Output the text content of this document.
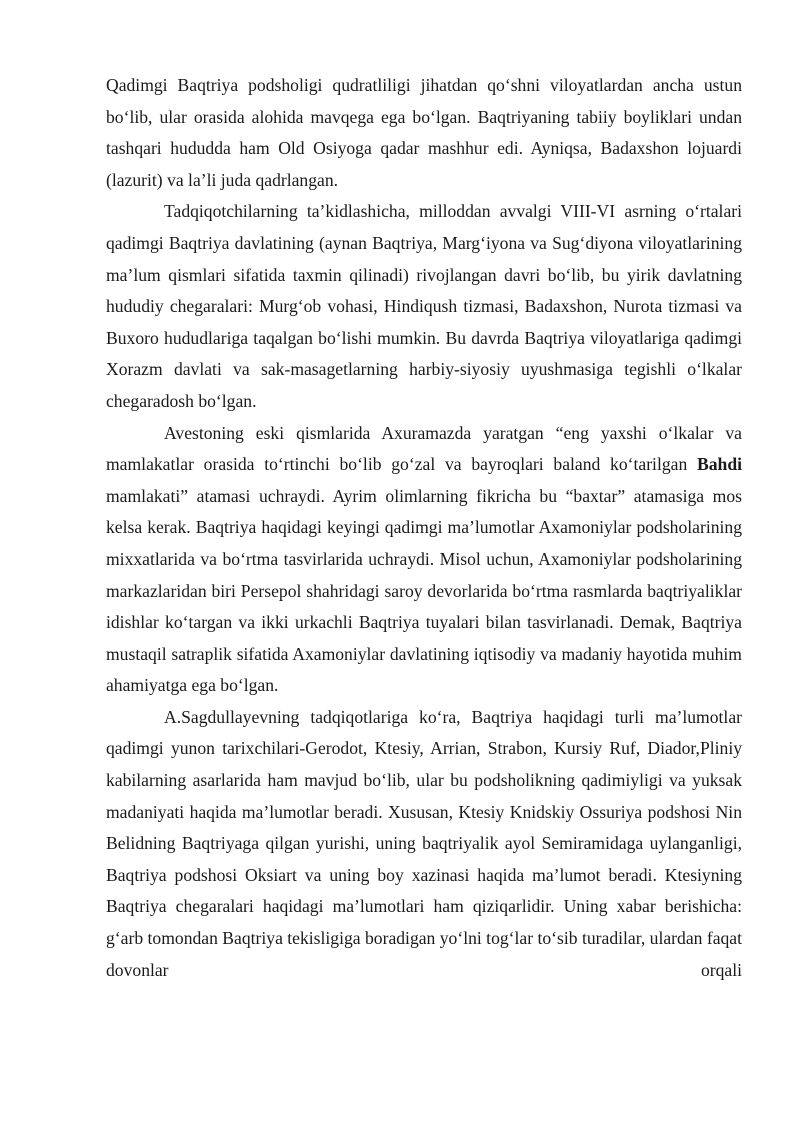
Qadimgi Baqtriya podsholigi qudratliligi jihatdan qo‘shni viloyatlardan ancha ustun bo‘lib, ular orasida alohida mavqega ega bo‘lgan. Baqtriyaning tabiiy boyliklari undan tashqari hududda ham Old Osiyoga qadar mashhur edi. Ayniqsa, Badaxshon lojuardi (lazurit) va la’li juda qadrlangan.

Tadqiqotchilarning ta’kidlashicha, milloddan avvalgi VIII-VI asrning o‘rtalari qadimgi Baqtriya davlatining (aynan Baqtriya, Marg‘iyona va Sug‘diyona viloyatlarining ma’lum qismlari sifatida taxmin qilinadi) rivojlangan davri bo‘lib, bu yirik davlatning hududiy chegaralari: Murg‘ob vohasi, Hindiqush tizmasi, Badaxshon, Nurota tizmasi va Buxoro hududlariga taqalgan bo‘lishi mumkin. Bu davrda Baqtriya viloyatlariga qadimgi Xorazm davlati va sak-masagetlarning harbiy-siyosiy uyushmasiga tegishli o‘lkalar chegaradosh bo‘lgan.

Avestoning eski qismlarida Axuramazda yaratgan “eng yaxshi o‘lkalar va mamlakatlar orasida to‘rtinchi bo‘lib go‘zal va bayroqlari baland ko‘tarilgan Bahdi mamlakati” atamasi uchraydi. Ayrim olimlarning fikricha bu “baxtar” atamasiga mos kelsa kerak. Baqtriya haqidagi keyingi qadimgi ma’lumotlar Axamoniylar podsholarining mixxatlarida va bo‘rtma tasvirlarida uchraydi. Misol uchun, Axamoniylar podsholarining markazlaridan biri Persepol shahridagi saroy devorlarida bo‘rtma rasmlarda baqtriyaliklar idishlar ko‘targan va ikki urkachli Baqtriya tuyalari bilan tasvirlanadi. Demak, Baqtriya mustaqil satraplik sifatida Axamoniylar davlatining iqtisodiy va madaniy hayotida muhim ahamiyatga ega bo‘lgan.

A.Sagdullayevning tadqiqotlariga ko‘ra, Baqtriya haqidagi turli ma’lumotlar qadimgi yunon tarixchilari-Gerodot, Ktesiy, Arrian, Strabon, Kursiy Ruf, Diador,Pliniy kabilarning asarlarida ham mavjud bo‘lib, ular bu podsholikning qadimiyligi va yuksak madaniyati haqida ma’lumotlar beradi. Xususan, Ktesiy Knidskiy Ossuriya podshosi Nin Belidning Baqtriyaga qilgan yurishi, uning baqtriyalik ayol Semiramidaga uylanganligi, Baqtriya podshosi Oksiart va uning boy xazinasi haqida ma’lumot beradi. Ktesiyning Baqtriya chegaralari haqidagi ma’lumotlari ham qiziqarlidir. Uning xabar berishicha: g‘arb tomondan Baqtriya tekisligiga boradigan yo‘lni tog‘lar to‘sib turadilar, ulardan faqat dovonlar orqali
